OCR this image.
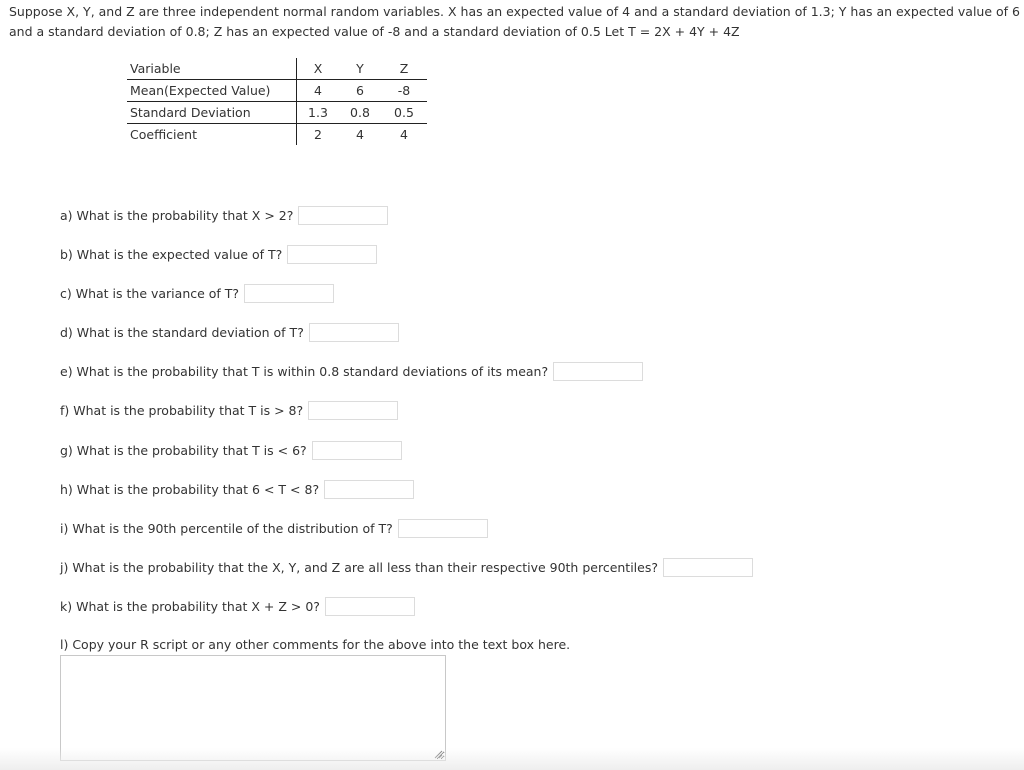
Suppose X, Y, and Z are three independent normal random variables. X has an expected value of 4 and a standard deviation of 1.3; Y has an expected value of 6
and a standard deviation of 0.8; Z has an expected value of -8 and a standard deviation of 0.5 Let T = 2X + 4Y + 4Z
Variable	X	Y	Z
Mean(Expected Value)	4	6	-8
Standard Deviation	1.3	0.8	0.5
Coefficient	2	4	4
a) What is the probability that X > 2?
b) What is the expected value of T?
c) What is the variance of T?
d) What is the standard deviation of T?
e) What is the probability that T is within 0.8 standard deviations of its mean?
f) What is the probability that T is > 8?
g) What is the probability that T is < 6?
h) What is the probability that 6 < T < 8?
i) What is the 90th percentile of the distribution of T?
j) What is the probability that the X, Y, and Z are all less than their respective 90th percentiles?
k) What is the probability that X + Z > 0?
l) Copy your R script or any other comments for the above into the text box here.
